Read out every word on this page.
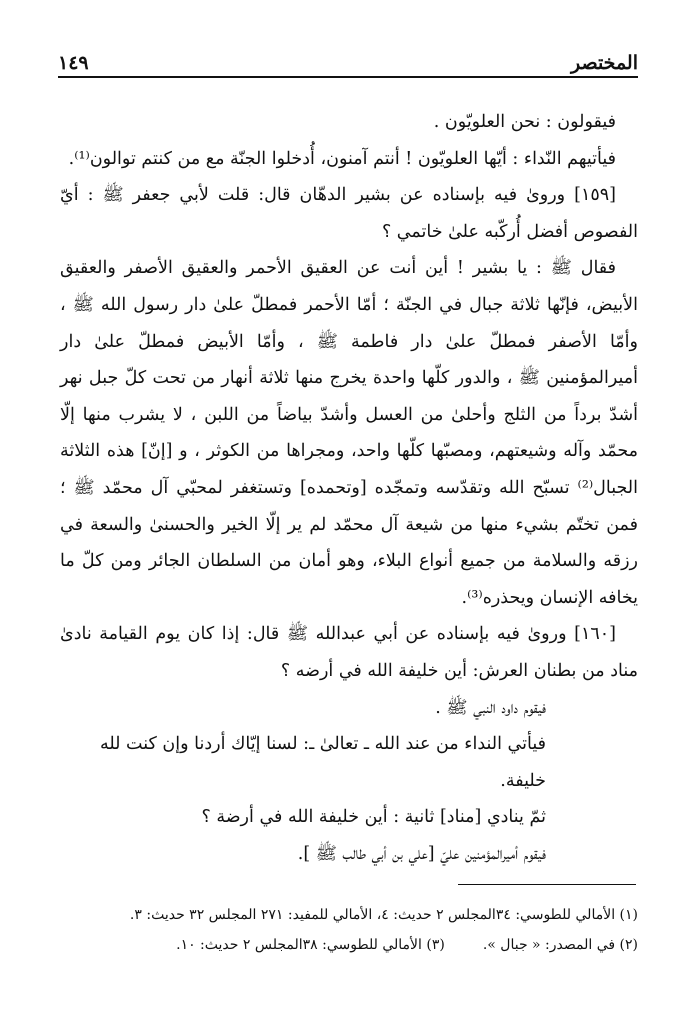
١٤٩	المختصر

فيقولون : نحن العلويّون .

فيأتيهم النّداء : أيّها العلويّون ! أنتم آمنون، أُدخلوا الجنّة مع من كنتم توالون⁽¹⁾.

[١٥٩] ورویٰ فیه بإسناده عن بشیر الدهّان قال: قلت لأبي جعفر ﷺ : أيّ الفصوص أفضل أُركّبه علیٰ خاتمي ؟

فقال ﷺ : يا بشير ! أين أنت عن العقيق الأحمر والعقيق الأصفر والعقيق الأبيض، فإنّها ثلاثة جبال في الجنّة ؛ أمّا الأحمر فمطلّ علیٰ دار رسول الله ﷺ ، وأمّا الأصفر فمطلّ علیٰ دار فاطمة ﷺ ، وأمّا الأبيض فمطلّ علیٰ دار أميرالمؤمنين ﷺ ، والدور كلّها واحدة يخرج منها ثلاثة أنهار من تحت كلّ جبل نهر أشدّ برداً من الثلج وأحلیٰ من العسل وأشدّ بياضاً من اللبن ، لا يشرب منها إلّا محمّد وآله وشيعتهم، ومصبّها كلّها واحد، ومجراها من الكوثر ، و [إنّ] هذه الثلاثة الجبال⁽²⁾ تسبّح الله وتقدّسه وتمجّده [وتحمده] وتستغفر لمحبّي آل محمّد ﷺ ؛ فمن تختّم بشيء منها من شيعة آل محمّد لم ير إلّا الخير والحسنیٰ والسعة في رزقه والسلامة من جميع أنواع البلاء، وهو أمان من السلطان الجائر ومن كلّ ما يخافه الإنسان ويحذره⁽³⁾.

[١٦٠] ورویٰ فیه بإسناده عن أبي عبدالله ﷺ قال: إذا كان يوم القيامة نادیٰ مناد من بطنان العرش: أين خليفة الله في أرضه ؟

فيقوم داود النبي ﷺ .

فيأتي النداء من عند الله ـ تعالیٰ ـ: لسنا إيّاك أردنا وإن كنت لله خليفة.

ثمّ ينادي [مناد] ثانية : أين خليفة الله في أرضة ؟

فيقوم أميرالمؤمنين عليّ [علي بن أبي طالب ﷺ ].

(١) الأمالي للطوسي: ٣٤المجلس ٢ حديث: ٤، الأمالي للمفيد: ٢٧١ المجلس ٣٢ حديث: ٣.
(٢) في المصدر: « جبال ».
(٣) الأمالي للطوسي: ٣٨المجلس ٢ حديث: ١٠.
